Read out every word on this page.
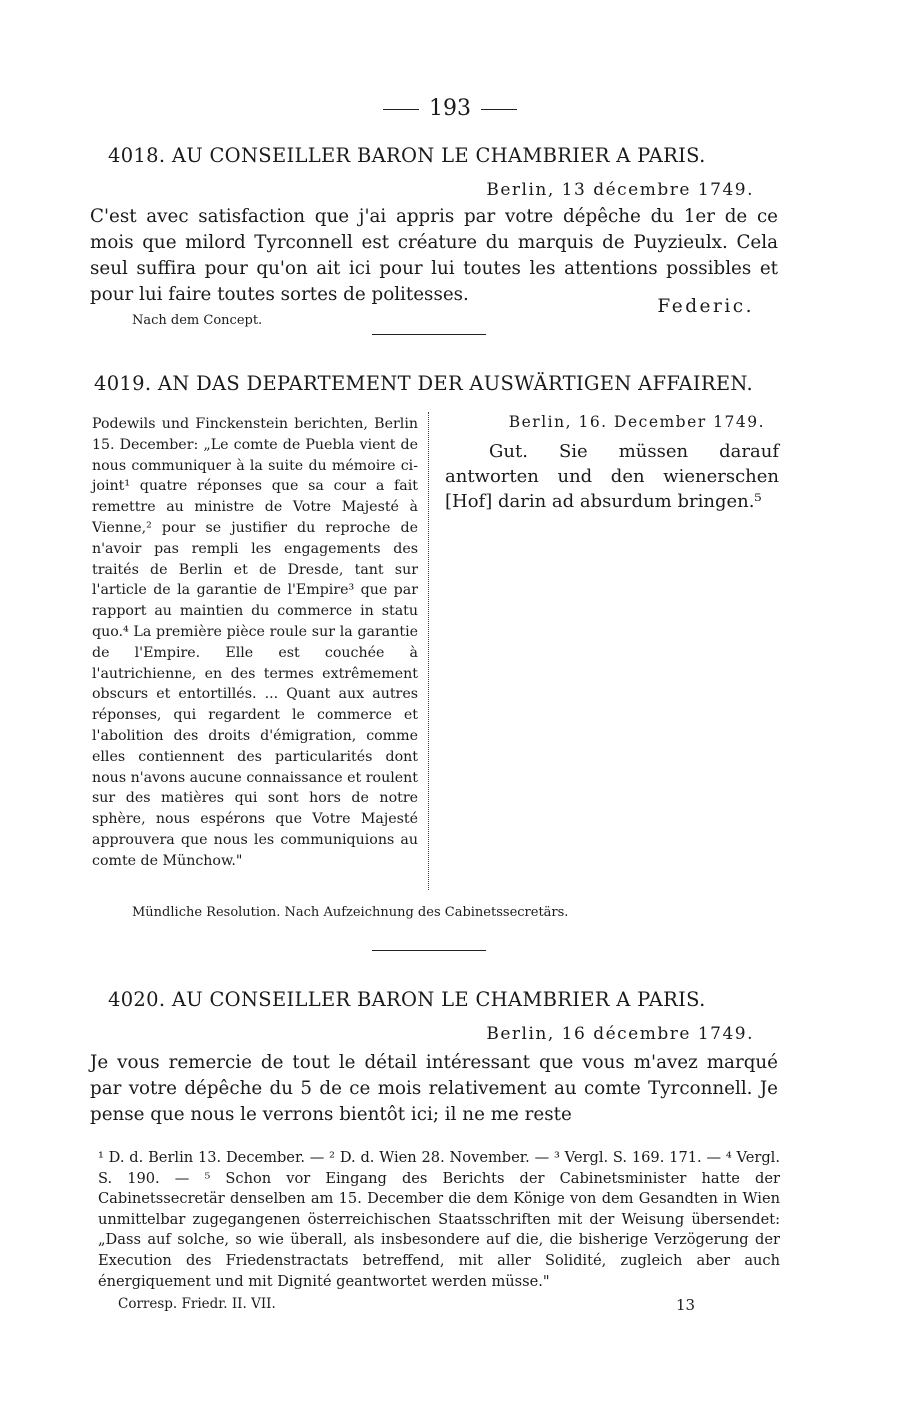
193
4018. AU CONSEILLER BARON LE CHAMBRIER A PARIS.
Berlin, 13 décembre 1749.

C'est avec satisfaction que j'ai appris par votre dépêche du 1er de ce mois que milord Tyrconnell est créature du marquis de Puyzieulx. Cela seul suffira pour qu'on ait ici pour lui toutes les attentions possibles et pour lui faire toutes sortes de politesses.

Federic.
Nach dem Concept.
4019. AN DAS DEPARTEMENT DER AUSWÄRTIGEN AFFAIREN.
Podewils und Finckenstein berichten, Berlin 15. December: „Le comte de Puebla vient de nous communiquer à la suite du mémoire ci-joint¹ quatre réponses que sa cour a fait remettre au ministre de Votre Majesté à Vienne,² pour se justifier du reproche de n'avoir pas rempli les engagements des traités de Berlin et de Dresde, tant sur l'article de la garantie de l'Empire³ que par rapport au maintien du commerce in statu quo.⁴ La première pièce roule sur la garantie de l'Empire. Elle est couchée à l'autrichienne, en des termes extrêmement obscurs et entortillés. ... Quant aux autres réponses, qui regardent le commerce et l'abolition des droits d'émigration, comme elles contiennent des particularités dont nous n'avons aucune connaissance et roulent sur des matières qui sont hors de notre sphère, nous espérons que Votre Majesté approuvera que nous les communiquions au comte de Münchow."
Berlin, 16. December 1749.
Gut. Sie müssen darauf antworten und den wienerschen [Hof] darin ad absurdum bringen.⁵
Mündliche Resolution. Nach Aufzeichnung des Cabinetssecretärs.
4020. AU CONSEILLER BARON LE CHAMBRIER A PARIS.
Berlin, 16 décembre 1749.

Je vous remercie de tout le détail intéressant que vous m'avez marqué par votre dépêche du 5 de ce mois relativement au comte Tyrconnell. Je pense que nous le verrons bientôt ici; il ne me reste

¹ D. d. Berlin 13. December. — ² D. d. Wien 28. November. — ³ Vergl. S. 169. 171. — ⁴ Vergl. S. 190. — ⁵ Schon vor Eingang des Berichts der Cabinetsminister hatte der Cabinetssecretär denselben am 15. December die dem Könige von dem Gesandten in Wien unmittelbar zugegangenen österreichischen Staatsschriften mit der Weisung übersendet: „Dass auf solche, so wie überall, als insbesondere auf die, die bisherige Verzögerung der Execution des Friedenstractats betreffend, mit aller Solidité, zugleich aber auch énergiquement und mit Dignité geantwortet werden müsse."
Corresp. Friedr. II. VII.	13
